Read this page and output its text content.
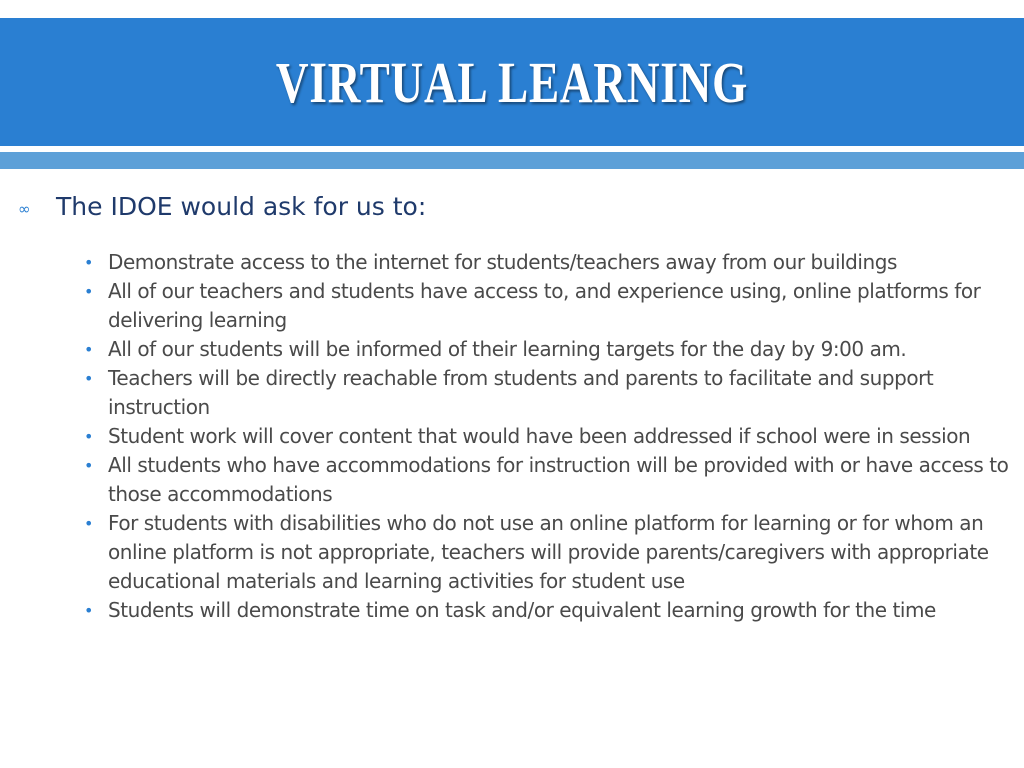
VIRTUAL LEARNING
∞	The IDOE would ask for us to:
• Demonstrate access to the internet for students/teachers away from our buildings
• All of our teachers and students have access to, and experience using, online platforms for delivering learning
• All of our students will be informed of their learning targets for the day by 9:00 am.
• Teachers will be directly reachable from students and parents to facilitate and support instruction
• Student work will cover content that would have been addressed if school were in session
• All students who have accommodations for instruction will be provided with or have access to those accommodations
• For students with disabilities who do not use an online platform for learning or for whom an online platform is not appropriate, teachers will provide parents/caregivers with appropriate educational materials and learning activities for student use
• Students will demonstrate time on task and/or equivalent learning growth for the time
